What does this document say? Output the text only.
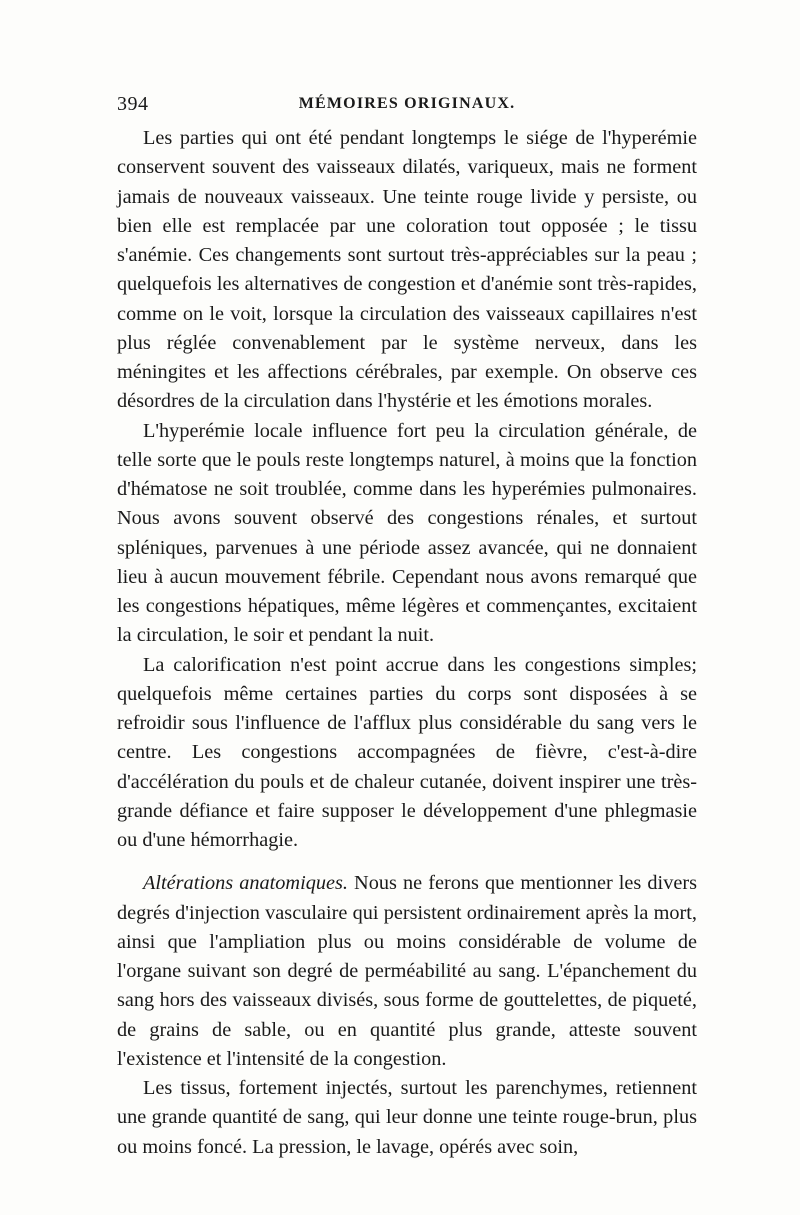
394	MÉMOIRES ORIGINAUX.

Les parties qui ont été pendant longtemps le siége de l'hyperémie conservent souvent des vaisseaux dilatés, variqueux, mais ne forment jamais de nouveaux vaisseaux. Une teinte rouge livide y persiste, ou bien elle est remplacée par une coloration tout opposée ; le tissu s'anémie. Ces changements sont surtout très-appréciables sur la peau ; quelquefois les alternatives de congestion et d'anémie sont très-rapides, comme on le voit, lorsque la circulation des vaisseaux capillaires n'est plus réglée convenablement par le système nerveux, dans les méningites et les affections cérébrales, par exemple. On observe ces désordres de la circulation dans l'hystérie et les émotions morales.

L'hyperémie locale influence fort peu la circulation générale, de telle sorte que le pouls reste longtemps naturel, à moins que la fonction d'hématose ne soit troublée, comme dans les hyperémies pulmonaires. Nous avons souvent observé des congestions rénales, et surtout spléniques, parvenues à une période assez avancée, qui ne donnaient lieu à aucun mouvement fébrile. Cependant nous avons remarqué que les congestions hépatiques, même légères et commençantes, excitaient la circulation, le soir et pendant la nuit.

La calorification n'est point accrue dans les congestions simples; quelquefois même certaines parties du corps sont disposées à se refroidir sous l'influence de l'afflux plus considérable du sang vers le centre. Les congestions accompagnées de fièvre, c'est-à-dire d'accélération du pouls et de chaleur cutanée, doivent inspirer une très-grande défiance et faire supposer le développement d'une phlegmasie ou d'une hémorrhagie.

Altérations anatomiques. Nous ne ferons que mentionner les divers degrés d'injection vasculaire qui persistent ordinairement après la mort, ainsi que l'ampliation plus ou moins considérable de volume de l'organe suivant son degré de perméabilité au sang. L'épanchement du sang hors des vaisseaux divisés, sous forme de gouttelettes, de piqueté, de grains de sable, ou en quantité plus grande, atteste souvent l'existence et l'intensité de la congestion.

Les tissus, fortement injectés, surtout les parenchymes, retiennent une grande quantité de sang, qui leur donne une teinte rouge-brun, plus ou moins foncé. La pression, le lavage, opérés avec soin,
